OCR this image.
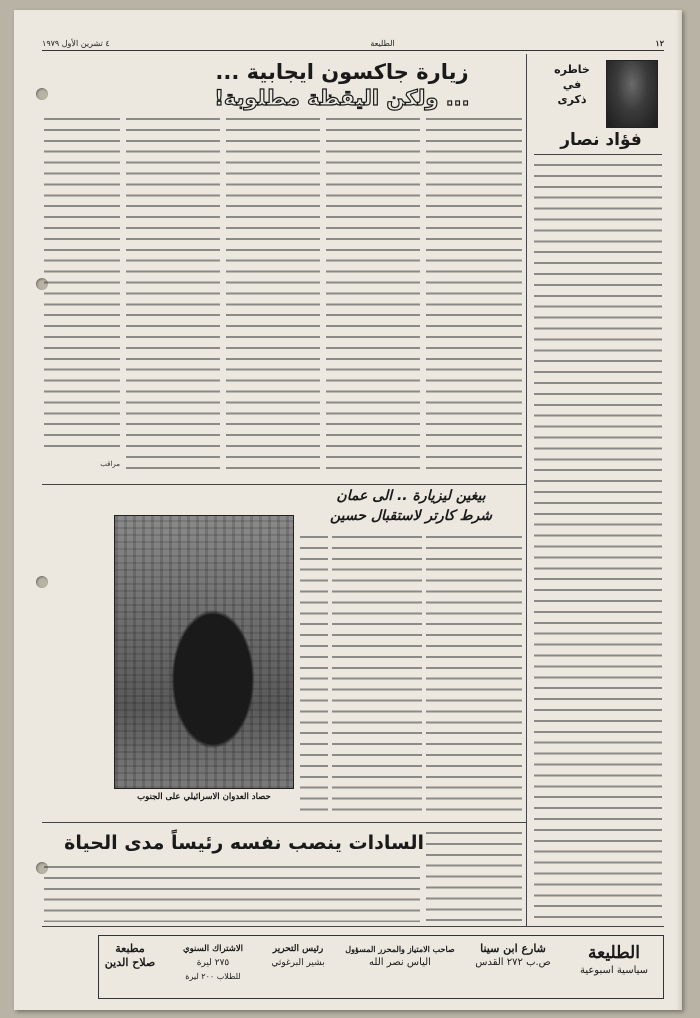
١٢
الطليعة
٤ تشرين الأول ١٩٧٩
خاطره
في
ذكرى
فؤاد نصار
زيارة جاكسون ايجابية ...
... ولكن اليقظة مطلوبة!
مراقب
بيغين ليزيارة .. الى عمان
شرط كارتر لاستقبال حسين
حصاد العدوان الاسرائيلي على الجنوب
السادات ينصب نفسه رئيساً مدى الحياة
الطليعة
سياسية اسبوعية
شارع ابن سينا
ص.ب ٢٧٢ القدس
صاحب الامتياز والمحرر المسؤول
الياس نصر الله
رئيس التحرير
بشير البرغوثي
الاشتراك السنوي
٢٧٥ ليرة
للطلاب ٢٠٠ ليرة
مطبعة
صلاح الدين
